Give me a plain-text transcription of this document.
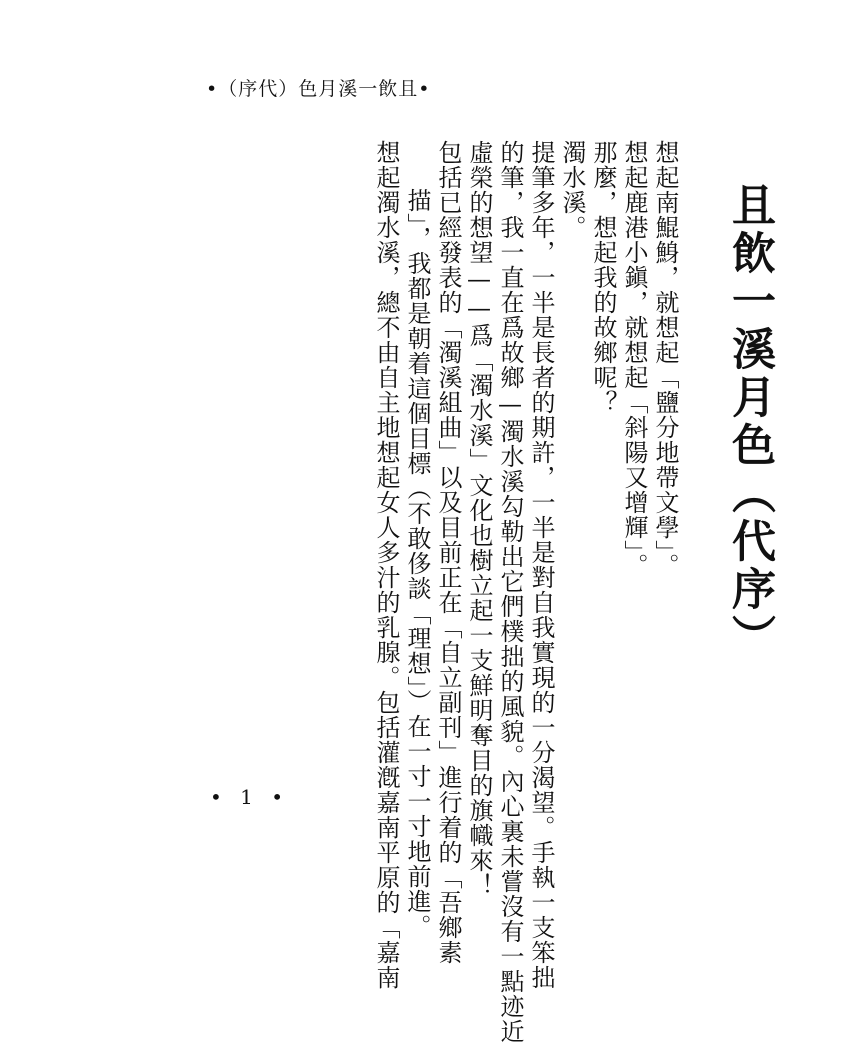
•（序代）色月溪一飲且•
且飲一溪月色（代序）
想起南鯤鯓，就想起「鹽分地帶文學」。
想起鹿港小鎭，就想起「斜陽又增輝」。
那麼，想起我的故鄉呢？
濁水溪。
提筆多年，一半是長者的期許，一半是對自我實現的一分渴望。手執一支笨拙
的筆，我一直在爲故鄉—濁水溪勾勒出它們樸拙的風貌。內心裏未嘗沒有一點迹近
虛榮的想望——爲「濁水溪」文化也樹立起一支鮮明奪目的旗幟來！
包括已經發表的「濁溪組曲」以及目前正在「自立副刊」進行着的「吾鄉素
描」，我都是朝着這個目標（不敢侈談「理想」）在一寸一寸地前進。
想起濁水溪，總不由自主地想起女人多汁的乳腺。包括灌漑嘉南平原的「嘉南
• 1 •
